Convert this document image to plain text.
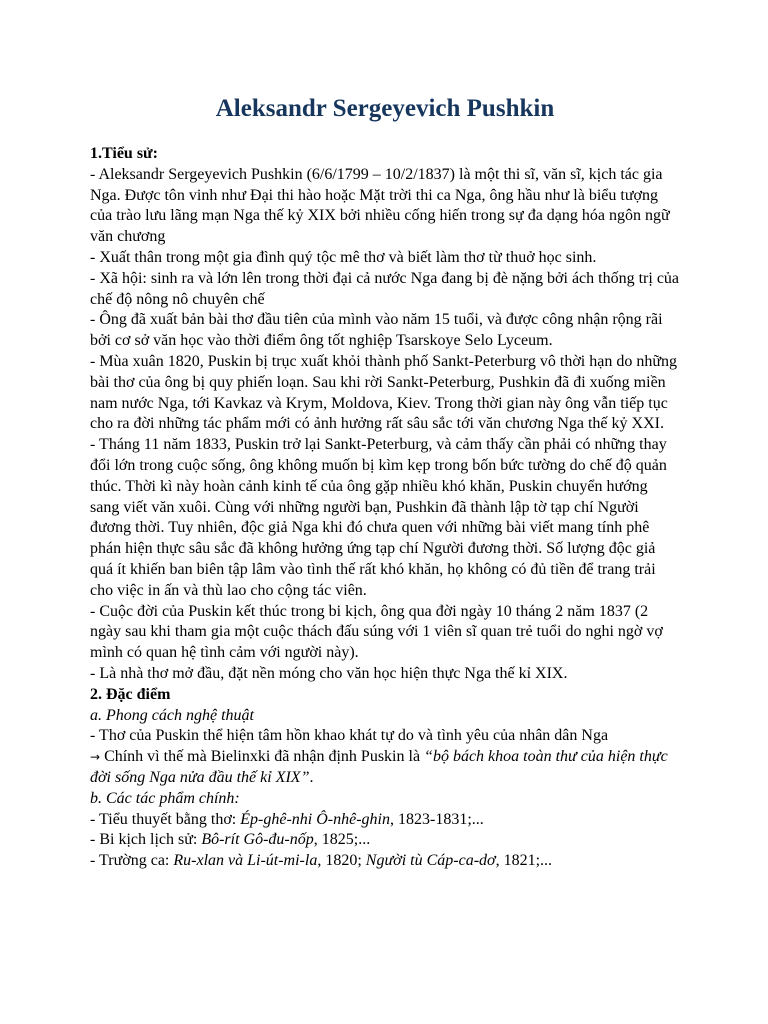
Aleksandr Sergeyevich Pushkin

1.Tiểu sử:

- Aleksandr Sergeyevich Pushkin (6/6/1799 – 10/2/1837) là một thi sĩ, văn sĩ, kịch tác gia Nga. Được tôn vinh như Đại thi hào hoặc Mặt trời thi ca Nga, ông hầu như là biểu tượng của trào lưu lãng mạn Nga thế kỷ XIX bởi nhiều cống hiến trong sự đa dạng hóa ngôn ngữ văn chương

- Xuất thân trong một gia đình quý tộc mê thơ và biết làm thơ từ thuở học sinh.

- Xã hội: sinh ra và lớn lên trong thời đại cả nước Nga đang bị đè nặng bởi ách thống trị của chế độ nông nô chuyên chế

- Ông đã xuất bản bài thơ đầu tiên của mình vào năm 15 tuổi, và được công nhận rộng rãi bởi cơ sở văn học vào thời điểm ông tốt nghiệp Tsarskoye Selo Lyceum.

- Mùa xuân 1820, Puskin bị trục xuất khỏi thành phố Sankt-Peterburg vô thời hạn do những bài thơ của ông bị quy phiến loạn. Sau khi rời Sankt-Peterburg, Pushkin đã đi xuống miền nam nước Nga, tới Kavkaz và Krym, Moldova, Kiev. Trong thời gian này ông vẫn tiếp tục cho ra đời những tác phẩm mới có ảnh hưởng rất sâu sắc tới văn chương Nga thế kỷ XXI.

- Tháng 11 năm 1833, Puskin trở lại Sankt-Peterburg, và cảm thấy cần phải có những thay đổi lớn trong cuộc sống, ông không muốn bị kìm kẹp trong bốn bức tường do chế độ quản thúc. Thời kì này hoàn cảnh kinh tế của ông gặp nhiều khó khăn, Puskin chuyển hướng sang viết văn xuôi. Cùng với những người bạn, Pushkin đã thành lập tờ tạp chí Người đương thời. Tuy nhiên, độc giả Nga khi đó chưa quen với những bài viết mang tính phê phán hiện thực sâu sắc đã không hưởng ứng tạp chí Người đương thời. Số lượng độc giả quá ít khiến ban biên tập lâm vào tình thế rất khó khăn, họ không có đủ tiền để trang trải cho việc in ấn và thù lao cho cộng tác viên.

- Cuộc đời của Puskin kết thúc trong bi kịch, ông qua đời ngày 10 tháng 2 năm 1837 (2 ngày sau khi tham gia một cuộc thách đấu súng với 1 viên sĩ quan trẻ tuổi do nghi ngờ vợ mình có quan hệ tình cảm với người này).

- Là nhà thơ mở đầu, đặt nền móng cho văn học hiện thực Nga thế kỉ XIX.

2. Đặc điểm

a. Phong cách nghệ thuật

- Thơ của Puskin thể hiện tâm hồn khao khát tự do và tình yêu của nhân dân Nga

→ Chính vì thế mà Bielinxki đã nhận định Puskin là “bộ bách khoa toàn thư của hiện thực đời sống Nga nửa đầu thế kỉ XIX”.

b. Các tác phẩm chính:

- Tiểu thuyết bằng thơ: Ép-ghê-nhi Ô-nhê-ghin, 1823-1831;...

- Bi kịch lịch sử: Bô-rít Gô-đu-nốp, 1825;...

- Trường ca: Ru-xlan và Li-út-mi-la, 1820; Người tù Cáp-ca-dơ, 1821;...
